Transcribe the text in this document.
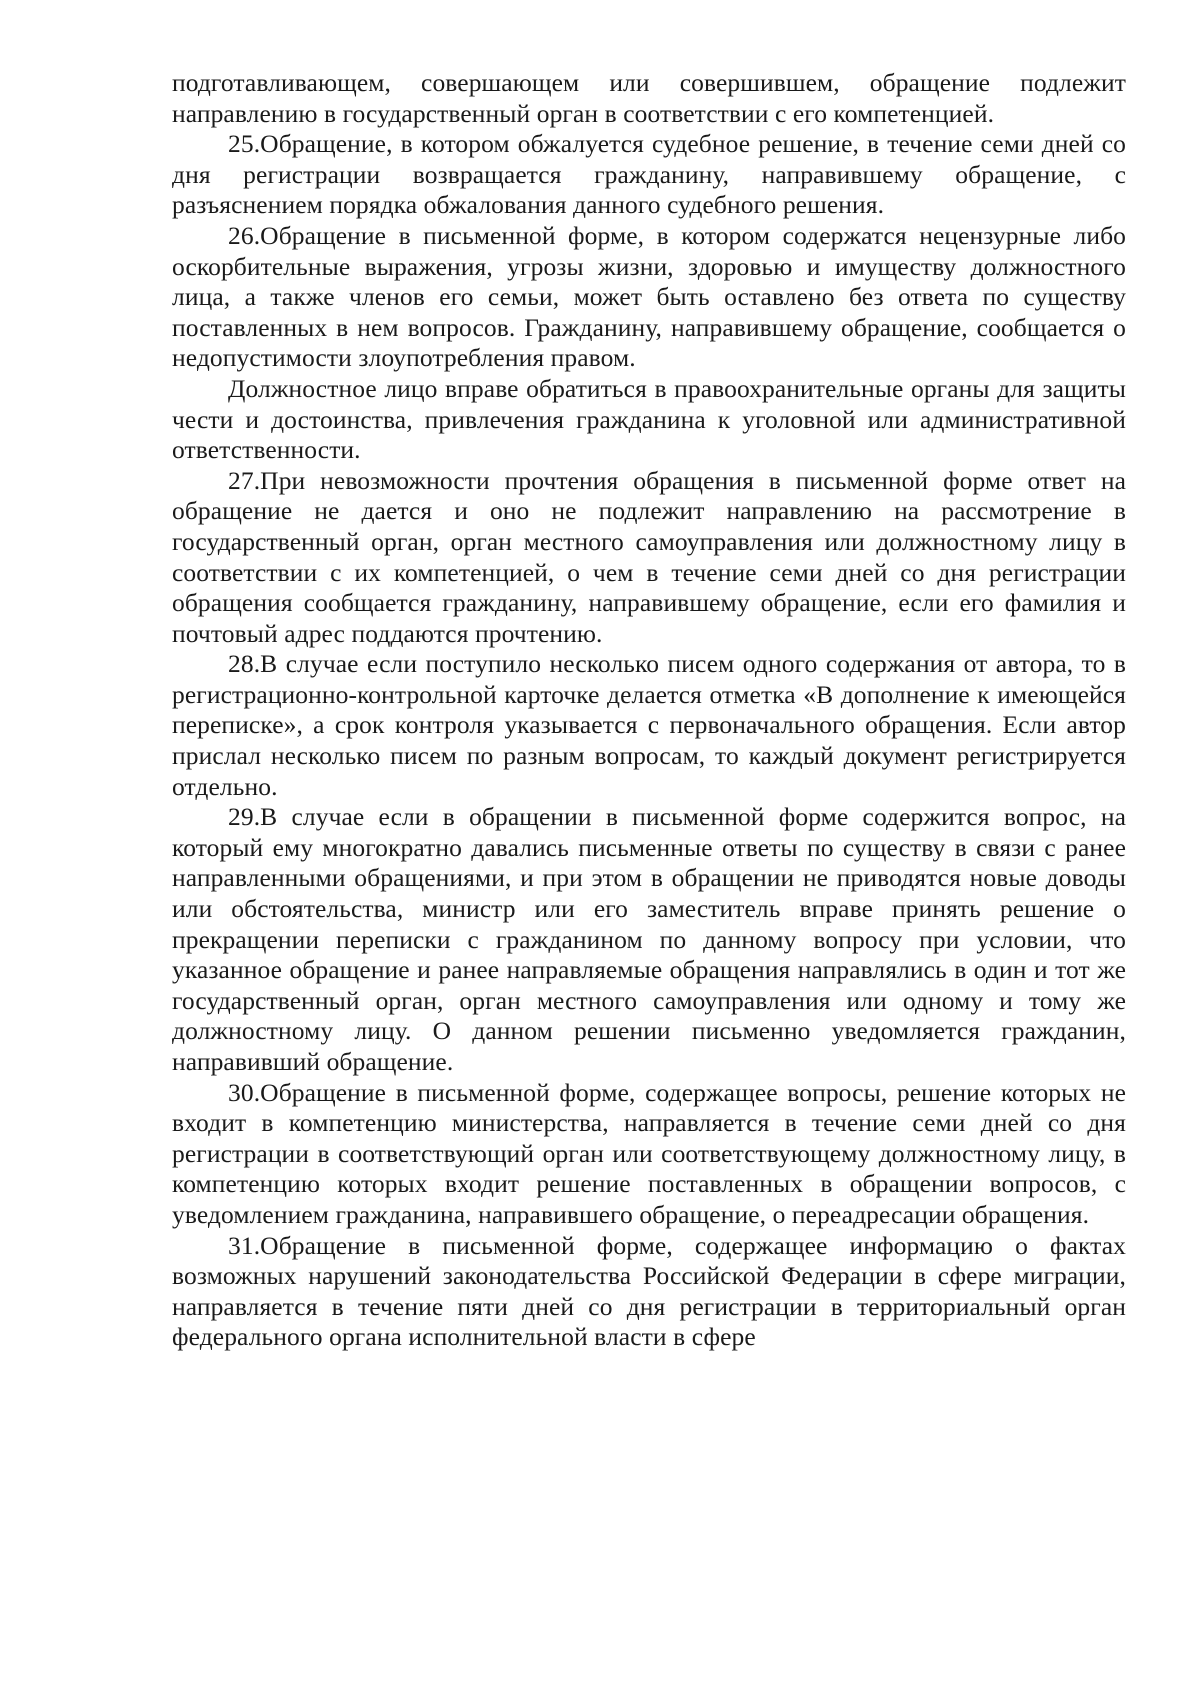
подготавливающем, совершающем или совершившем, обращение подлежит направлению в государственный орган в соответствии с его компетенцией.

25.Обращение, в котором обжалуется судебное решение, в течение семи дней со дня регистрации возвращается гражданину, направившему обращение, с разъяснением порядка обжалования данного судебного решения.

26.Обращение в письменной форме, в котором содержатся нецензурные либо оскорбительные выражения, угрозы жизни, здоровью и имуществу должностного лица, а также членов его семьи, может быть оставлено без ответа по существу поставленных в нем вопросов. Гражданину, направившему обращение, сообщается о недопустимости злоупотребления правом.

Должностное лицо вправе обратиться в правоохранительные органы для защиты чести и достоинства, привлечения гражданина к уголовной или административной ответственности.

27.При невозможности прочтения обращения в письменной форме ответ на обращение не дается и оно не подлежит направлению на рассмотрение в государственный орган, орган местного самоуправления или должностному лицу в соответствии с их компетенцией, о чем в течение семи дней со дня регистрации обращения сообщается гражданину, направившему обращение, если его фамилия и почтовый адрес поддаются прочтению.

28.В случае если поступило несколько писем одного содержания от автора, то в регистрационно-контрольной карточке делается отметка «В дополнение к имеющейся переписке», а срок контроля указывается с первоначального обращения. Если автор прислал несколько писем по разным вопросам, то каждый документ регистрируется отдельно.

29.В случае если в обращении в письменной форме содержится вопрос, на который ему многократно давались письменные ответы по существу в связи с ранее направленными обращениями, и при этом в обращении не приводятся новые доводы или обстоятельства, министр или его заместитель вправе принять решение о прекращении переписки с гражданином по данному вопросу при условии, что указанное обращение и ранее направляемые обращения направлялись в один и тот же государственный орган, орган местного самоуправления или одному и тому же должностному лицу. О данном решении письменно уведомляется гражданин, направивший обращение.

30.Обращение в письменной форме, содержащее вопросы, решение которых не входит в компетенцию министерства, направляется в течение семи дней со дня регистрации в соответствующий орган или соответствующему должностному лицу, в компетенцию которых входит решение поставленных в обращении вопросов, с уведомлением гражданина, направившего обращение, о переадресации обращения.

31.Обращение в письменной форме, содержащее информацию о фактах возможных нарушений законодательства Российской Федерации в сфере миграции, направляется в течение пяти дней со дня регистрации в территориальный орган федерального органа исполнительной власти в сфере
